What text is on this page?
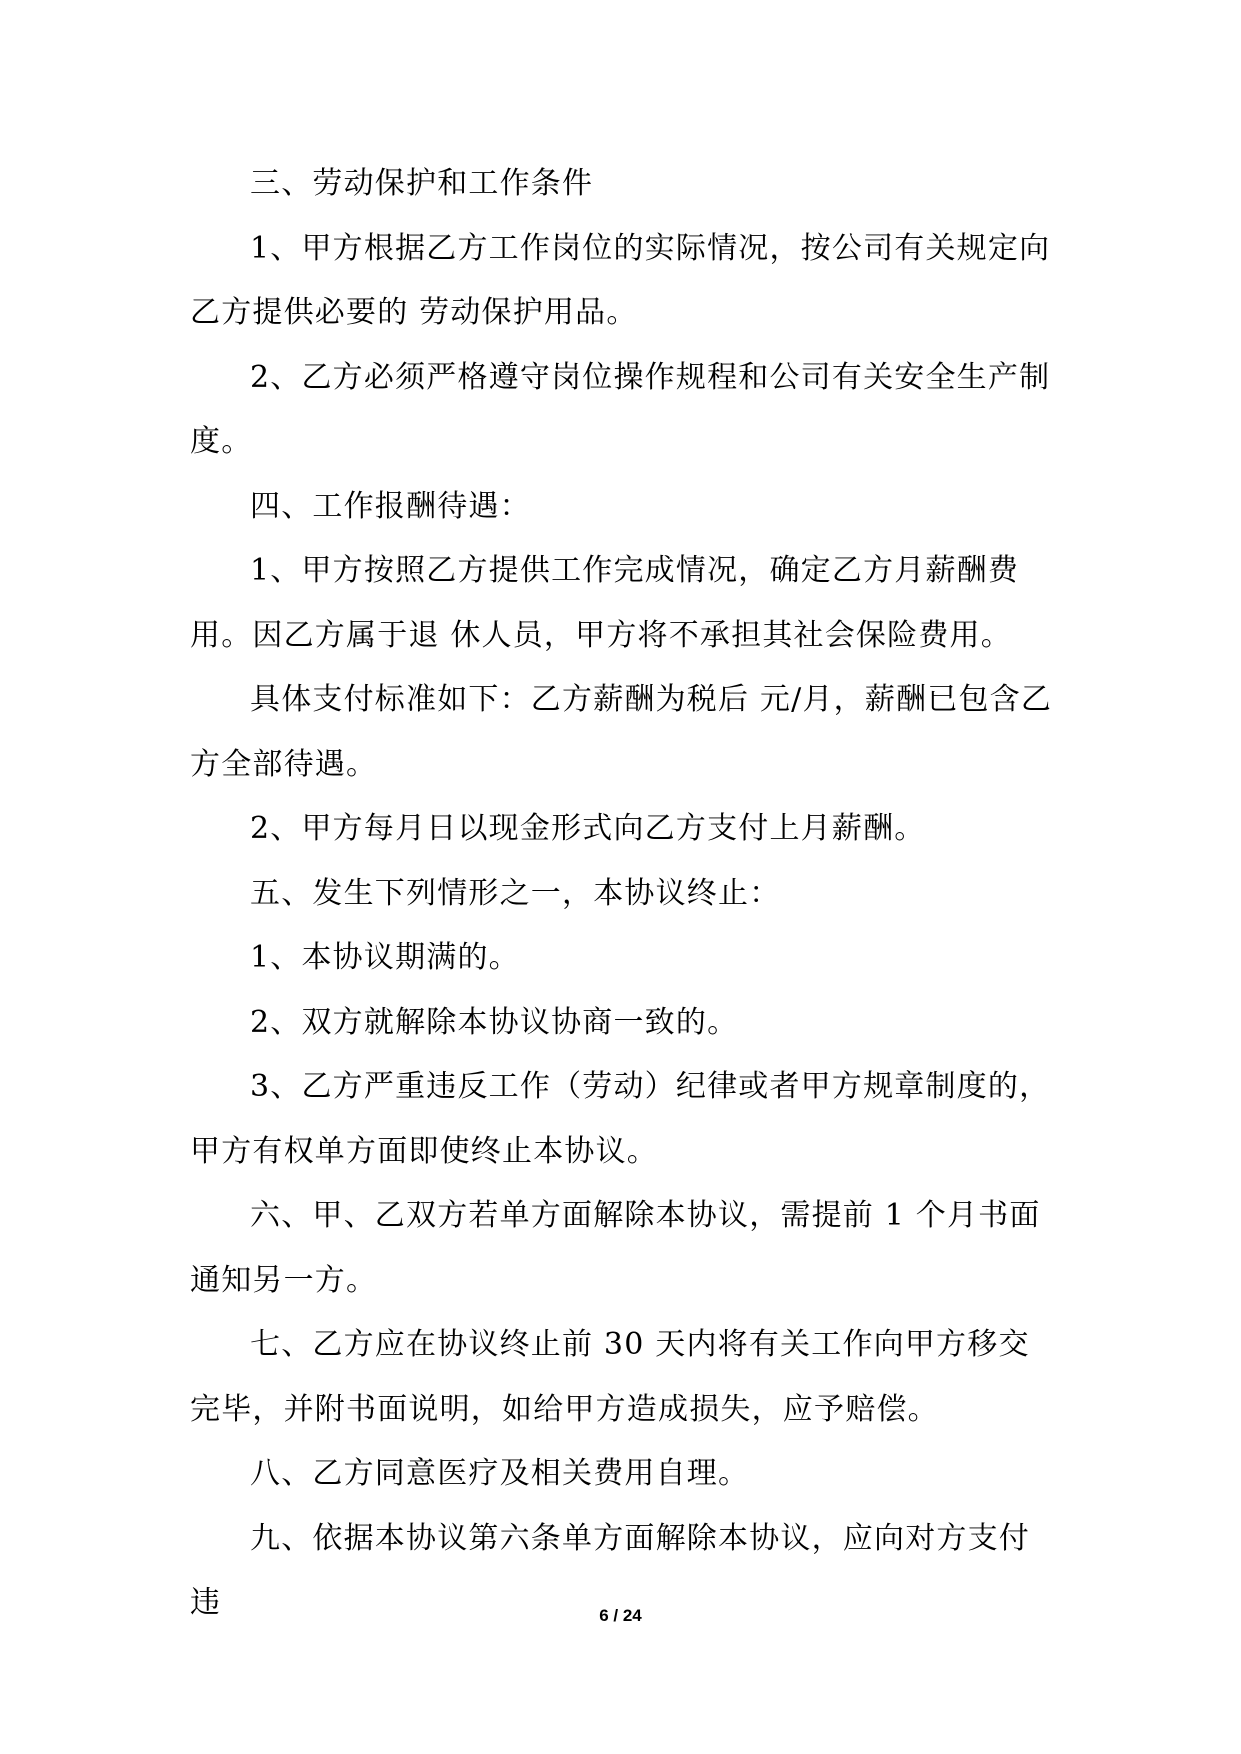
三、劳动保护和工作条件

1、甲方根据乙方工作岗位的实际情况，按公司有关规定向乙方提供必要的 劳动保护用品。

2、乙方必须严格遵守岗位操作规程和公司有关安全生产制度。

四、工作报酬待遇：

1、甲方按照乙方提供工作完成情况，确定乙方月薪酬费用。因乙方属于退 休人员，甲方将不承担其社会保险费用。

具体支付标准如下：乙方薪酬为税后 元/月，薪酬已包含乙方全部待遇。

2、甲方每月日以现金形式向乙方支付上月薪酬。

五、发生下列情形之一，本协议终止：

1、本协议期满的。

2、双方就解除本协议协商一致的。

3、乙方严重违反工作（劳动）纪律或者甲方规章制度的，甲方有权单方面即使终止本协议。

六、甲、乙双方若单方面解除本协议，需提前 1 个月书面通知另一方。

七、乙方应在协议终止前 30 天内将有关工作向甲方移交完毕，并附书面说明，如给甲方造成损失，应予赔偿。

八、乙方同意医疗及相关费用自理。

九、依据本协议第六条单方面解除本协议，应向对方支付违	6 / 24
